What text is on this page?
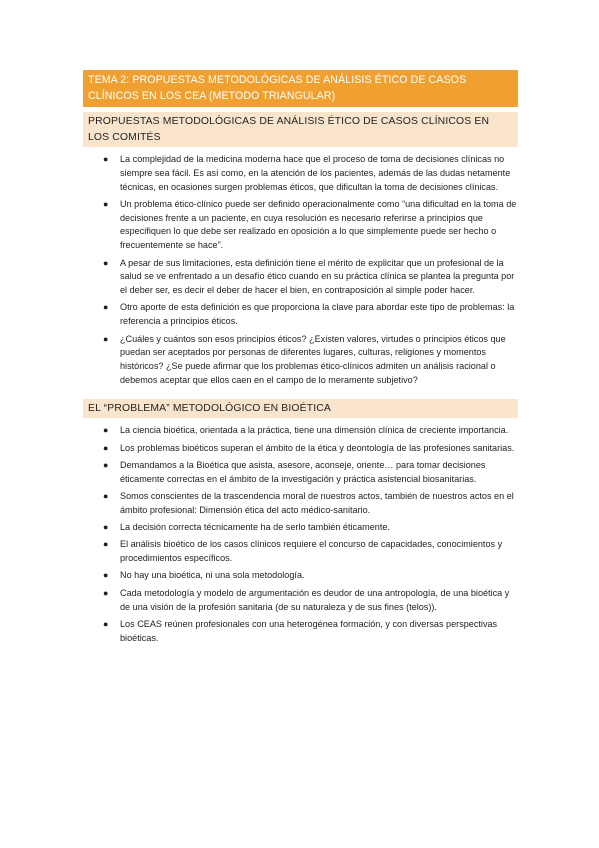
TEMA 2: PROPUESTAS METODOLÓGICAS DE ANÁLISIS ÉTICO DE CASOS CLÍNICOS EN LOS CEA (METODO TRIANGULAR)
PROPUESTAS METODOLÓGICAS DE ANÁLISIS ÉTICO DE CASOS CLÍNICOS EN LOS COMITÉS
● La complejidad de la medicina moderna hace que el proceso de toma de decisiones clínicas no siempre sea fácil. Es así como, en la atención de los pacientes, además de las dudas netamente técnicas, en ocasiones surgen problemas éticos, que dificultan la toma de decisiones clínicas.
● Un problema ético-clínico puede ser definido operacionalmente como “una dificultad en la toma de decisiones frente a un paciente, en cuya resolución es necesario referirse a principios que especifiquen lo que debe ser realizado en oposición a lo que simplemente puede ser hecho o frecuentemente se hace”.
● A pesar de sus limitaciones, esta definición tiene el mérito de explicitar que un profesional de la salud se ve enfrentado a un desafío ético cuando en su práctica clínica se plantea la pregunta por el deber ser, es decir el deber de hacer el bien, en contraposición al simple poder hacer.
● Otro aporte de esta definición es que proporciona la clave para abordar este tipo de problemas: la referencia a principios éticos.
● ¿Cuáles y cuántos son esos principios éticos? ¿Existen valores, virtudes o principios éticos que puedan ser aceptados por personas de diferentes lugares, culturas, religiones y momentos históricos? ¿Se puede afirmar que los problemas ético-clínicos admiten un análisis racional o debemos aceptar que ellos caen en el campo de lo meramente subjetivo?
EL “PROBLEMA” METODOLÓGICO EN BIOÉTICA
● La ciencia bioética, orientada a la práctica, tiene una dimensión clínica de creciente importancia.
● Los problemas bioéticos superan el ámbito de la ética y deontología de las profesiones sanitarias.
● Demandamos a la Bioética que asista, asesore, aconseje, oriente… para tomar decisiones éticamente correctas en el ámbito de la investigación y práctica asistencial biosanitarias.
● Somos conscientes de la trascendencia moral de nuestros actos, también de nuestros actos en el ámbito profesional: Dimensión ética del acto médico-sanitario.
● La decisión correcta técnicamente ha de serlo también éticamente.
● El análisis bioético de los casos clínicos requiere el concurso de capacidades, conocimientos y procedimientos específicos.
● No hay una bioética, ni una sola metodología.
● Cada metodología y modelo de argumentación es deudor de una antropología, de una bioética y de una visión de la profesión sanitaria (de su naturaleza y de sus fines (telos)).
● Los CEAS reúnen profesionales con una heterogénea formación, y con diversas perspectivas bioéticas.
